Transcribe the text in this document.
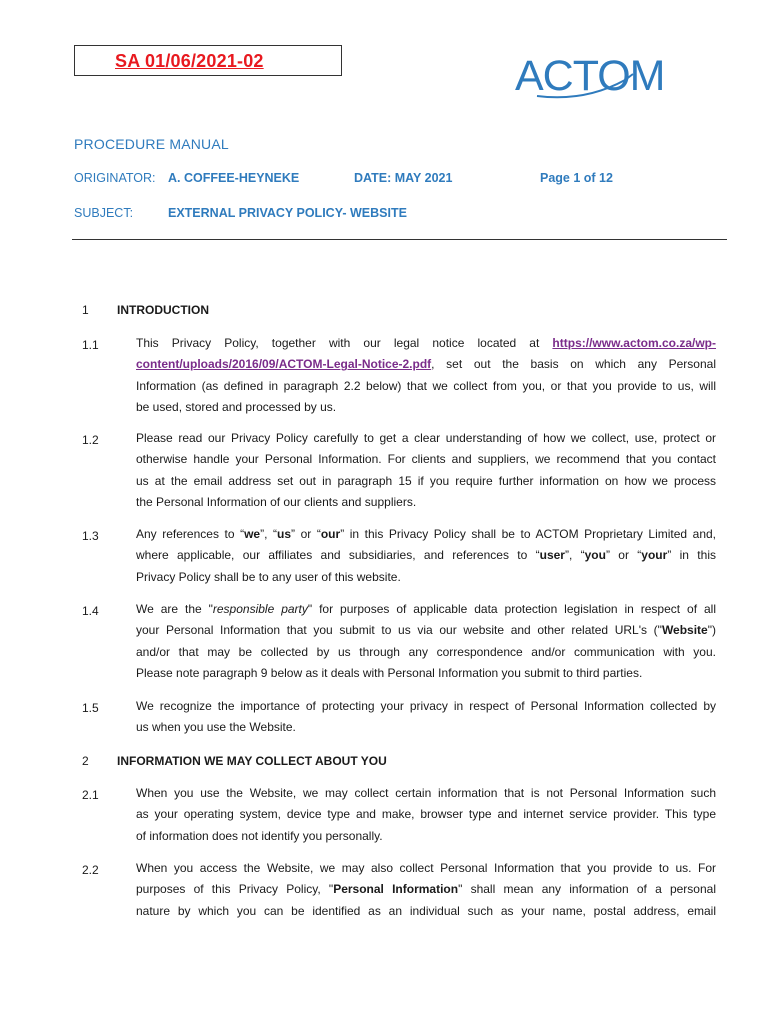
SA 01/06/2021-02	ACTOM
PROCEDURE MANUAL
ORIGINATOR: A. COFFEE-HEYNEKE	DATE: MAY 2021	Page 1 of 12
SUBJECT:	EXTERNAL PRIVACY POLICY- WEBSITE
1 INTRODUCTION
1.1	This Privacy Policy, together with our legal notice located at https://www.actom.co.za/wp-
content/uploads/2016/09/ACTOM-Legal-Notice-2.pdf, set out the basis on which any Personal
Information (as defined in paragraph 2.2 below) that we collect from you, or that you provide to us, will
be used, stored and processed by us.
1.2	Please read our Privacy Policy carefully to get a clear understanding of how we collect, use, protect or
otherwise handle your Personal Information. For clients and suppliers, we recommend that you contact
us at the email address set out in paragraph 15 if you require further information on how we process
the Personal Information of our clients and suppliers.
1.3	Any references to “we”, “us” or “our” in this Privacy Policy shall be to ACTOM Proprietary Limited and,
where applicable, our affiliates and subsidiaries, and references to “user”, “you” or “your” in this
Privacy Policy shall be to any user of this website.
1.4	We are the "responsible party" for purposes of applicable data protection legislation in respect of all
your Personal Information that you submit to us via our website and other related URL's ("Website")
and/or that may be collected by us through any correspondence and/or communication with you.
Please note paragraph 9 below as it deals with Personal Information you submit to third parties.
1.5	We recognize the importance of protecting your privacy in respect of Personal Information collected by
us when you use the Website.
2 INFORMATION WE MAY COLLECT ABOUT YOU
2.1	When you use the Website, we may collect certain information that is not Personal Information such
as your operating system, device type and make, browser type and internet service provider. This type
of information does not identify you personally.
2.2	When you access the Website, we may also collect Personal Information that you provide to us. For
purposes of this Privacy Policy, "Personal Information" shall mean any information of a personal
nature by which you can be identified as an individual such as your name, postal address, email
